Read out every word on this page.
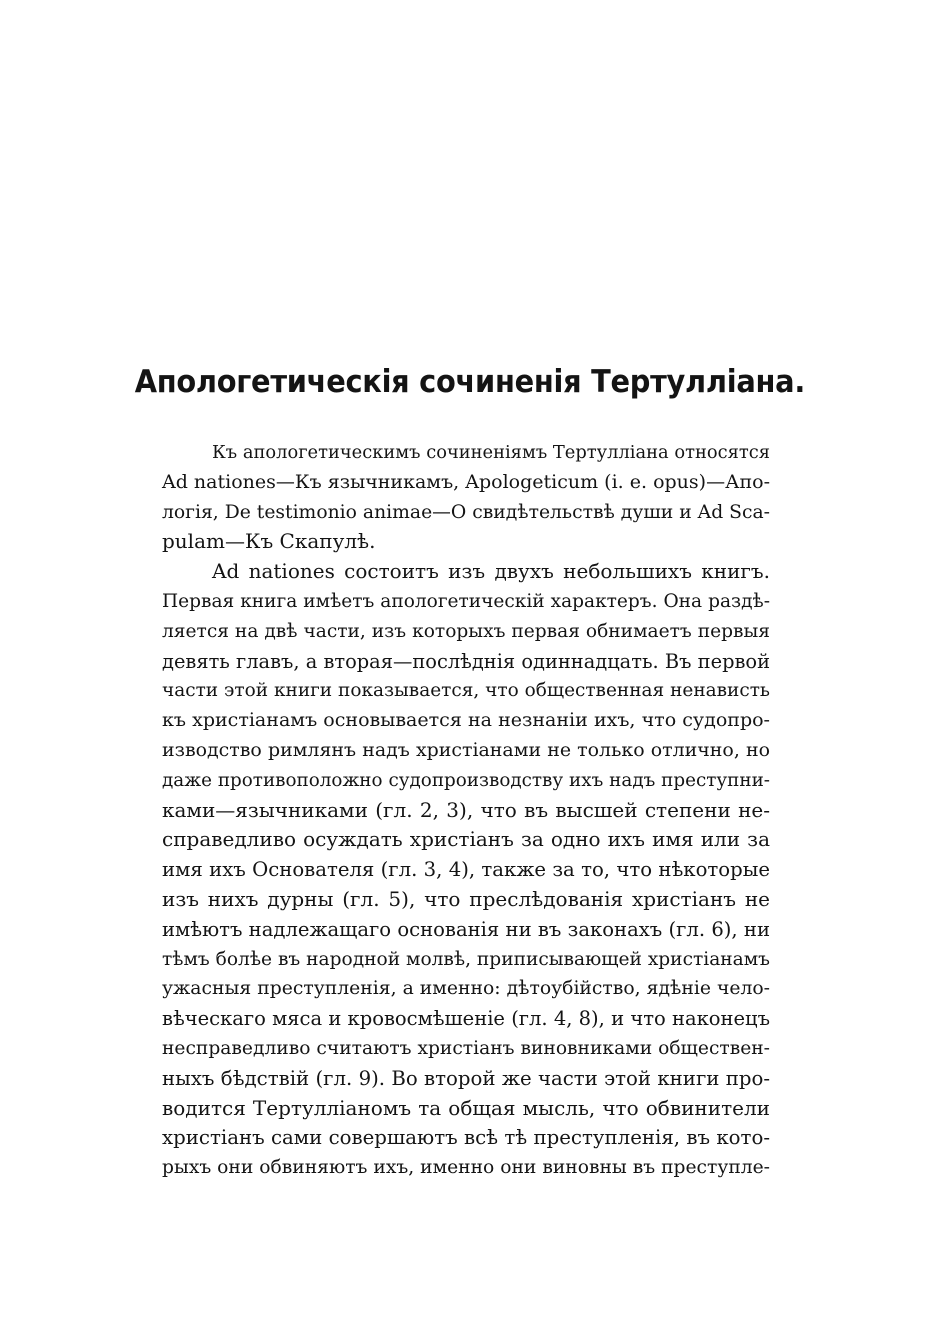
Апологетическія сочиненія Тертулліана.
Къ апологетическимъ сочиненіямъ Тертулліана относятся
Ad nationes—Къ язычникамъ, Apologeticum (i. e. opus)—Апо-
логія, De testimonio animae—О свидѣтельствѣ души и Ad Sca-
pulam—Къ Скапулѣ.
Ad nationes состоитъ изъ двухъ небольшихъ книгъ.
Первая книга имѣетъ апологетическій характеръ. Она раздѣ-
ляется на двѣ части, изъ которыхъ первая обнимаетъ первыя
девять главъ, а вторая—послѣднія одиннадцать. Въ первой
части этой книги показывается, что общественная ненависть
къ христіанамъ основывается на незнаніи ихъ, что судопро-
изводство римлянъ надъ христіанами не только отлично, но
даже противоположно судопроизводству ихъ надъ преступни-
ками—язычниками (гл. 2, 3), что въ высшей степени не-
справедливо осуждать христіанъ за одно ихъ имя или за
имя ихъ Основателя (гл. 3, 4), также за то, что нѣкоторые
изъ нихъ дурны (гл. 5), что преслѣдованія христіанъ не
имѣютъ надлежащаго основанія ни въ законахъ (гл. 6), ни
тѣмъ болѣе въ народной молвѣ, приписывающей христіанамъ
ужасныя преступленія, а именно: дѣтоубійство, ядѣніе чело-
вѣческаго мяса и кровосмѣшеніе (гл. 4, 8), и что наконецъ
несправедливо считаютъ христіанъ виновниками обществен-
ныхъ бѣдствій (гл. 9). Во второй же части этой книги про-
водится Тертулліаномъ та общая мысль, что обвинители
христіанъ сами совершаютъ всѣ тѣ преступленія, въ кото-
рыхъ они обвиняютъ ихъ, именно они виновны въ преступле-
